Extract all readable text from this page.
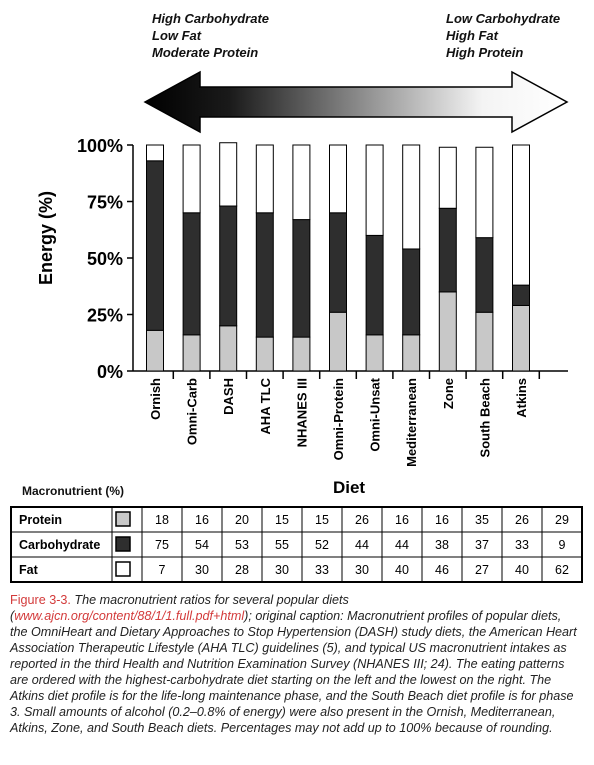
High Carbohydrate
Low Fat
Moderate Protein
Low Carbohydrate
High Fat
High Protein
0%
25%
50%
75%
100%
Ornish Omni-Carb DASH AHA TLC NHANES III Omni-Protein Omni-Unsat Mediterranean Zone South Beach Atkins
Energy (%)
Diet
Protein	18 16 20 15 15 26 16 16 35 26 29
Carbohydrate	75 54 53 55 52 44 44 38 37 33 9
Fat	7 30 28 30 33 30 40 46 27 40 62
Macronutrient (%)
Figure 3-3. The macronutrient ratios for several popular diets (www.ajcn.org/content/88/1/1.full.pdf+html); original caption: Macronutrient profiles of popular diets, the OmniHeart and Dietary Approaches to Stop Hypertension (DASH) study diets, the American Heart Association Therapeutic Lifestyle (AHA TLC) guidelines (5), and typical US macronutrient intakes as reported in the third Health and Nutrition Examination Survey (NHANES III; 24). The eating patterns are ordered with the highest-carbohydrate diet starting on the left and the lowest on the right. The Atkins diet profile is for the life-long maintenance phase, and the South Beach diet profile is for phase 3. Small amounts of alcohol (0.2–0.8% of energy) were also present in the Ornish, Mediterranean, Atkins, Zone, and South Beach diets. Percentages may not add up to 100% because of rounding.
